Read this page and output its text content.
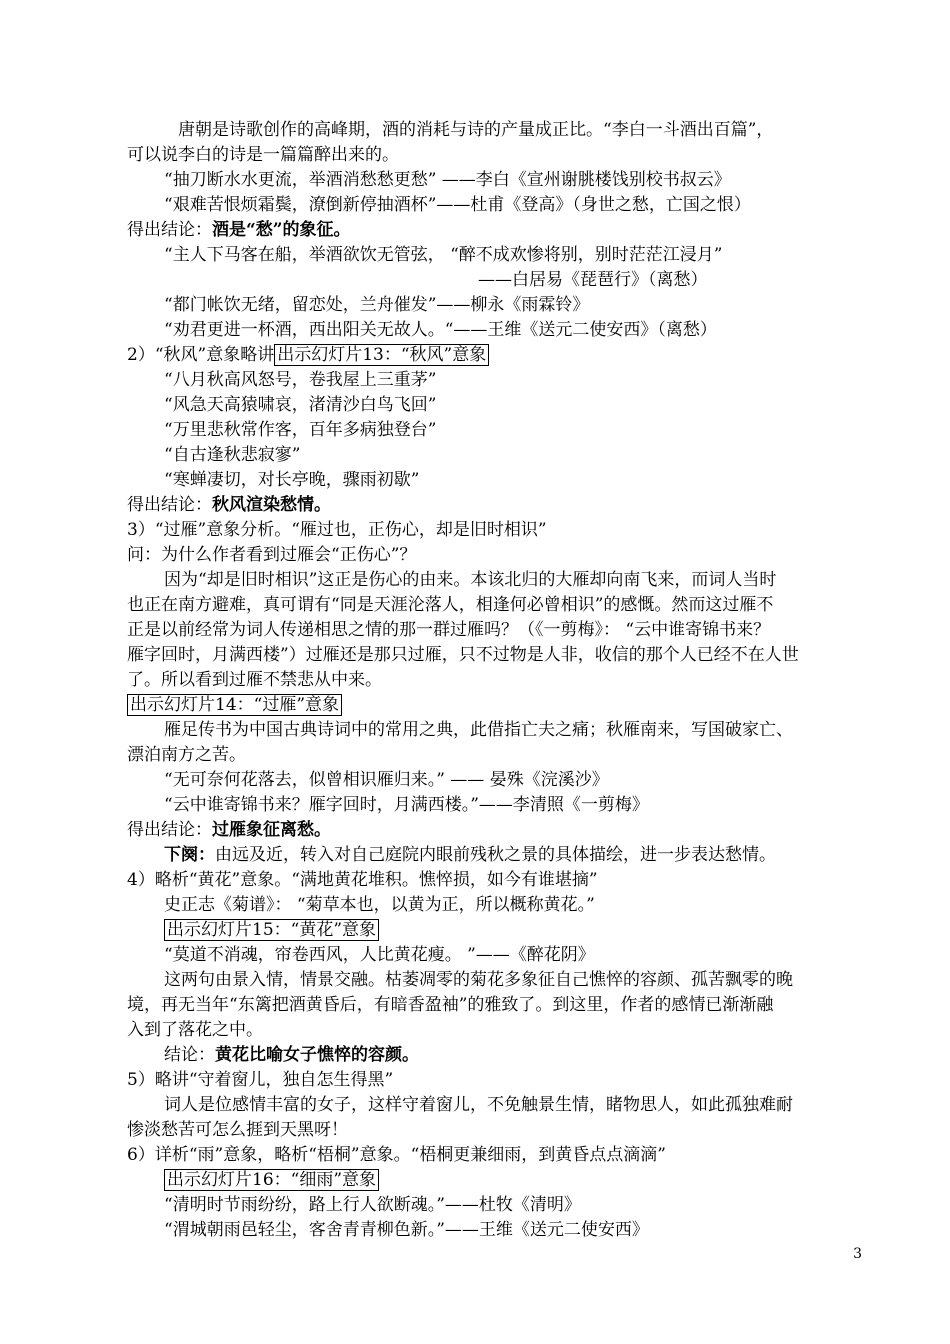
唐朝是诗歌创作的高峰期，酒的消耗与诗的产量成正比。“李白一斗酒出百篇”，
可以说李白的诗是一篇篇醉出来的。
“抽刀断水水更流，举酒消愁愁更愁” ——李白《宣州谢朓楼饯别校书叔云》
“艰难苦恨烦霜鬓，潦倒新停抽酒杯”——杜甫《登高》（身世之愁，亡国之恨）
得出结论：酒是“愁”的象征。
“主人下马客在船，举酒欲饮无管弦， “醉不成欢惨将别，别时茫茫江浸月”
——白居易《琵琶行》（离愁）
“都门帐饮无绪，留恋处，兰舟催发”——柳永《雨霖铃》
“劝君更进一杯酒，西出阳关无故人。“——王维《送元二使安西》（离愁）
2）“秋风”意象略讲 出示幻灯片13：“秋风”意象
“八月秋高风怒号，卷我屋上三重茅”
“风急天高猿啸哀，渚清沙白鸟飞回”
“万里悲秋常作客，百年多病独登台”
“自古逢秋悲寂寥”
“寒蝉凄切，对长亭晚，骤雨初歇”
得出结论：秋风渲染愁情。
3）“过雁”意象分析。“雁过也，正伤心，却是旧时相识”
问：为什么作者看到过雁会“正伤心”？
因为“却是旧时相识”这正是伤心的由来。本该北归的大雁却向南飞来，而词人当时
也正在南方避难，真可谓有“同是天涯沦落人，相逢何必曾相识”的感慨。然而这过雁不
正是以前经常为词人传递相思之情的那一群过雁吗？（《一剪梅》： “云中谁寄锦书来？
雁字回时，月满西楼”）过雁还是那只过雁，只不过物是人非，收信的那个人已经不在人世
了。所以看到过雁不禁悲从中来。
出示幻灯片14：“过雁”意象
雁足传书为中国古典诗词中的常用之典，此借指亡夫之痛；秋雁南来，写国破家亡、
漂泊南方之苦。
“无可奈何花落去，似曾相识雁归来。” —— 晏殊《浣溪沙》
“云中谁寄锦书来？雁字回时，月满西楼。”——李清照《一剪梅》
得出结论：过雁象征离愁。
下阕：由远及近，转入对自己庭院内眼前残秋之景的具体描绘，进一步表达愁情。
4）略析“黄花”意象。“满地黄花堆积。憔悴损，如今有谁堪摘”
史正志《菊谱》： “菊草本也，以黄为正，所以概称黄花。”
出示幻灯片15：“黄花”意象
“莫道不消魂，帘卷西风，人比黄花瘦。 ”——《醉花阴》
这两句由景入情，情景交融。枯萎凋零的菊花多象征自己憔悴的容颜、孤苦飘零的晚
境，再无当年“东篱把酒黄昏后，有暗香盈袖”的雅致了。到这里，作者的感情已渐渐融
入到了落花之中。
结论：黄花比喻女子憔悴的容颜。
5）略讲“守着窗儿，独自怎生得黑”
词人是位感情丰富的女子，这样守着窗儿，不免触景生情，睹物思人，如此孤独难耐
惨淡愁苦可怎么捱到天黑呀！
6）详析“雨”意象，略析“梧桐”意象。“梧桐更兼细雨，到黄昏点点滴滴”
出示幻灯片16：“细雨”意象
“清明时节雨纷纷，路上行人欲断魂。”——杜牧《清明》
“渭城朝雨邑轻尘，客舍青青柳色新。”——王维《送元二使安西》
3
